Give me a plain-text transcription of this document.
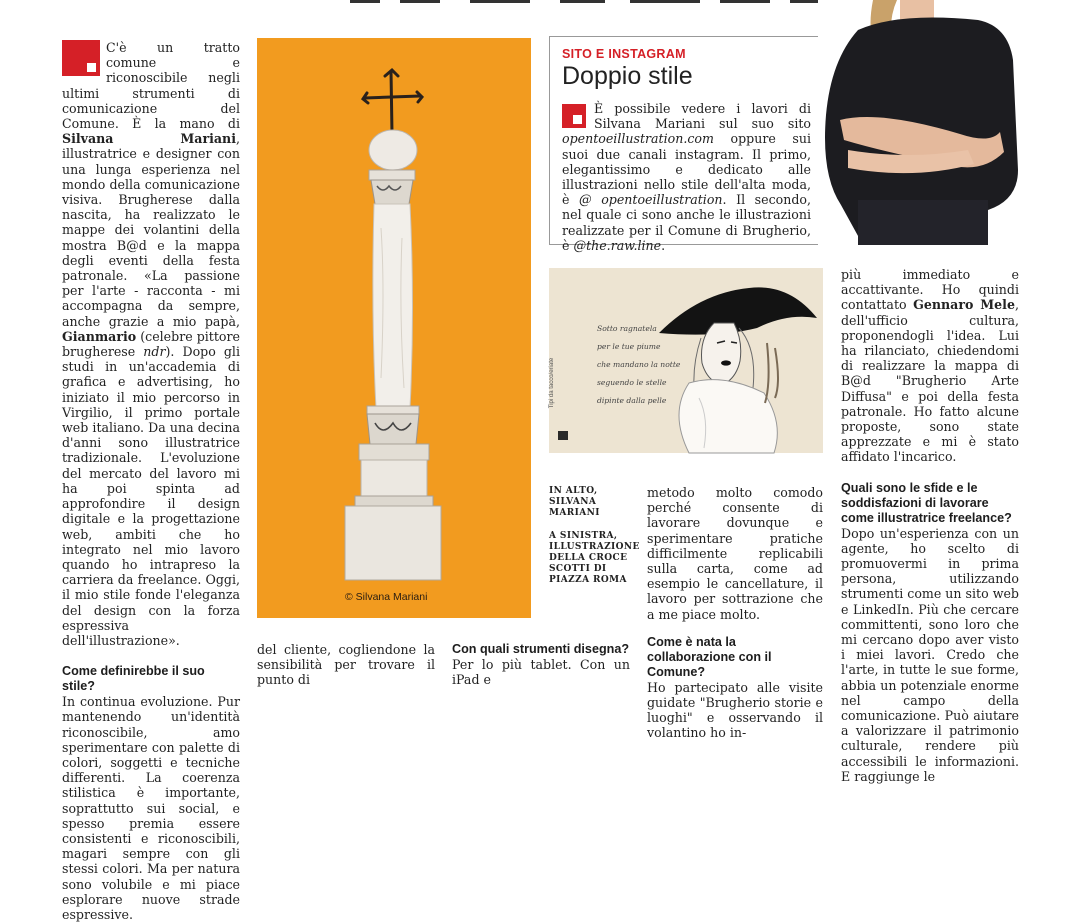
C'è un tratto comune e riconoscibile negli ultimi strumenti di comunicazione del Comune. È la mano di Silvana Mariani, illustratrice e designer con una lunga esperienza nel mondo della comunicazione visiva. Brugherese dalla nascita, ha realizzato le mappe dei volantini della mostra B@d e la mappa degli eventi della festa patronale. «La passione per l'arte - racconta - mi accompagna da sempre, anche grazie a mio papà, Gianmario (celebre pittore brugherese ndr). Dopo gli studi in un'accademia di grafica e advertising, ho iniziato il mio percorso in Virgilio, il primo portale web italiano. Da una decina d'anni sono illustratrice tradizionale. L'evoluzione del mercato del lavoro mi ha poi spinta ad approfondire il design digitale e la progettazione web, ambiti che ho integrato nel mio lavoro quando ho intrapreso la carriera da freelance. Oggi, il mio stile fonde l'eleganza del design con la forza espressiva dell'illustrazione».
Come definirebbe il suo stile?
In continua evoluzione. Pur mantenendo un'identità riconoscibile, amo sperimentare con palette di colori, soggetti e tecniche differenti. La coerenza stilistica è importante, soprattutto sui social, e spesso premia essere consistenti e riconoscibili, magari sempre con gli stessi colori. Ma per natura sono volubile e mi piace esplorare nuove strade espressive.
© Silvana Mariani
del cliente, cogliendone la sensibilità per trovare il punto di
Con quali strumenti disegna?
Per lo più tablet. Con un iPad e
SITO E INSTAGRAM
Doppio stile
È possibile vedere i lavori di Silvana Mariani sul suo sito opentoeillustration.com oppure sui suoi due canali instagram. Il primo, elegantissimo e dedicato alle illustrazioni nello stile dell'alta moda, è @ opentoeillustration. Il secondo, nel quale ci sono anche le illustrazioni realizzate per il Comune di Brugherio, è @the.raw.line.
Sotto ragnatela
per le tue piume
che mandano la notte
seguendo le stelle
dipinte dalla pelle
Tipi da tacco/eriate
IN ALTO, SILVANA MARIANI
A SINISTRA, ILLUSTRAZIONE DELLA CROCE SCOTTI DI PIAZZA ROMA
metodo molto comodo perché consente di lavorare dovunque e sperimentare pratiche difficilmente replicabili sulla carta, come ad esempio le cancellature, il lavoro per sottrazione che a me piace molto.
Come è nata la collaborazione con il Comune?
Ho partecipato alle visite guidate "Brugherio storie e luoghi" e osservando il volantino ho in-
più immediato e accattivante. Ho quindi contattato Gennaro Mele, dell'ufficio cultura, proponendogli l'idea. Lui ha rilanciato, chiedendomi di realizzare la mappa di B@d "Brugherio Arte Diffusa" e poi della festa patronale. Ho fatto alcune proposte, sono state apprezzate e mi è stato affidato l'incarico.
Quali sono le sfide e le soddisfazioni di lavorare come illustratrice freelance?
Dopo un'esperienza con un agente, ho scelto di promuovermi in prima persona, utilizzando strumenti come un sito web e LinkedIn. Più che cercare committenti, sono loro che mi cercano dopo aver visto i miei lavori. Credo che l'arte, in tutte le sue forme, abbia un potenziale enorme nel campo della comunicazione. Può aiutare a valorizzare il patrimonio culturale, rendere più accessibili le informazioni. E raggiunge le
